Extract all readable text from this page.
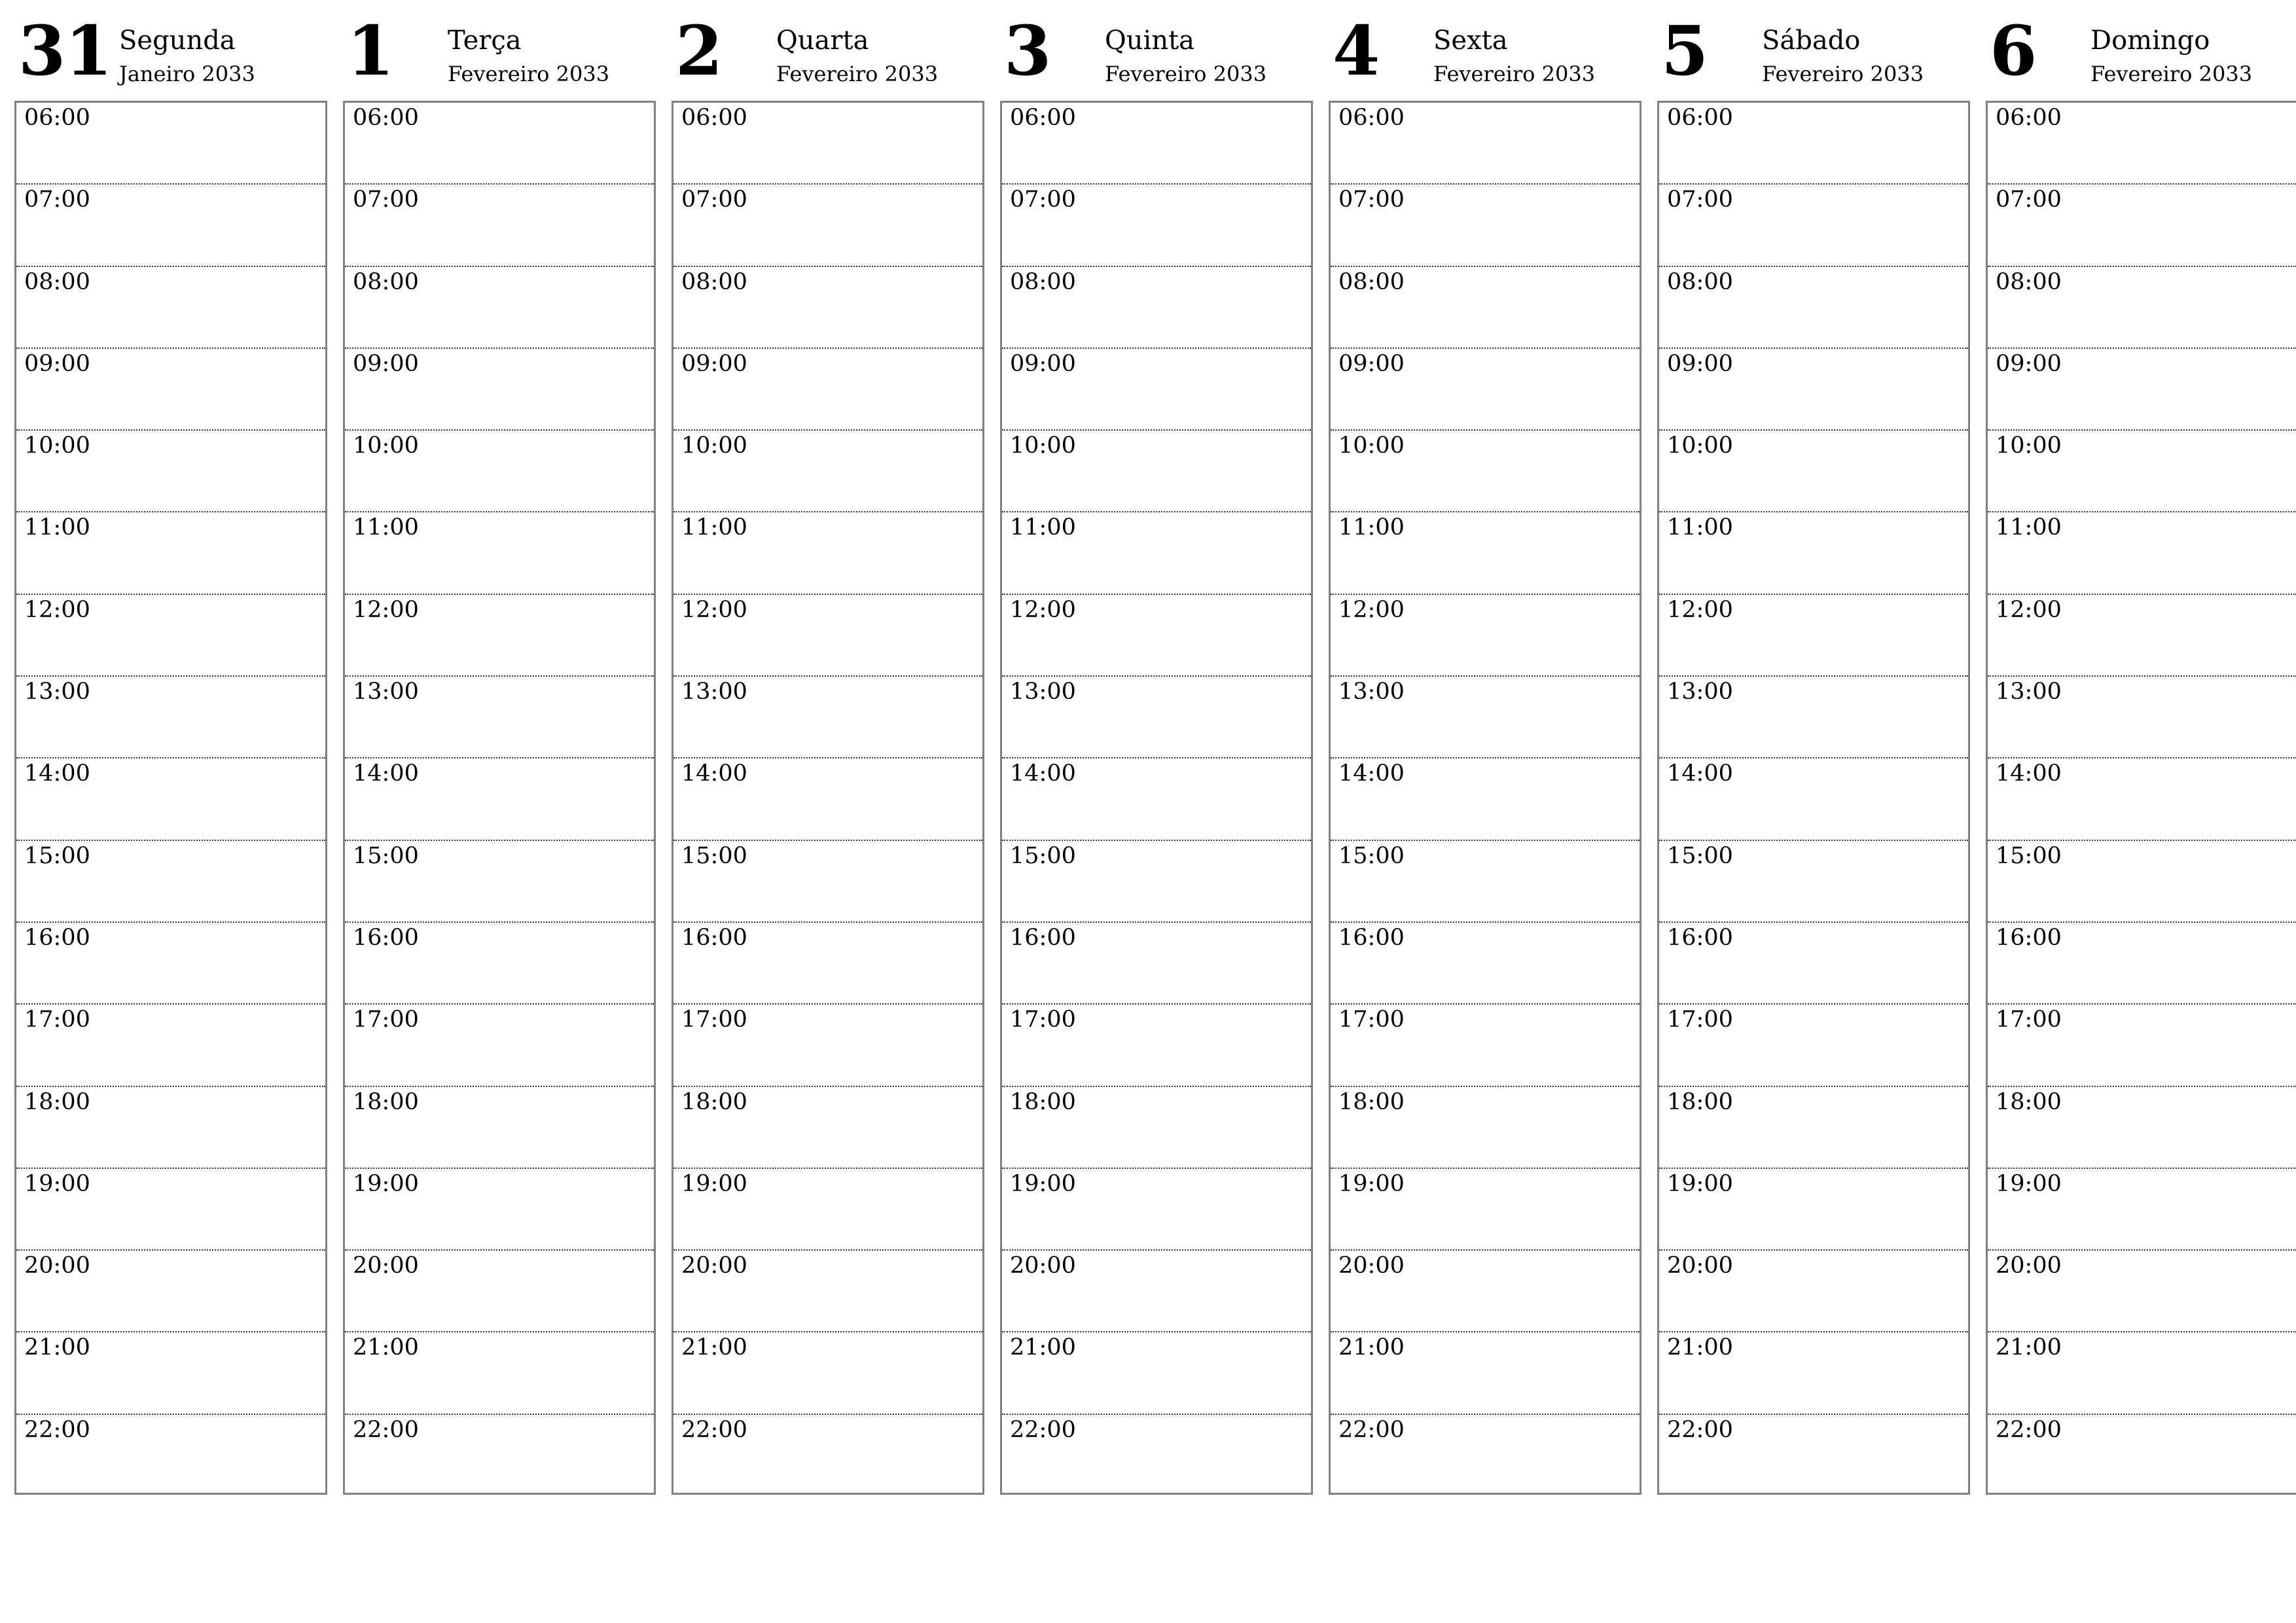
31 Segunda
Janeiro 2033
06:00
07:00
08:00
09:00
10:00
11:00
12:00
13:00
14:00
15:00
16:00
17:00
18:00
19:00
20:00
21:00
22:00
1 Terça
Fevereiro 2033
06:00
07:00
08:00
09:00
10:00
11:00
12:00
13:00
14:00
15:00
16:00
17:00
18:00
19:00
20:00
21:00
22:00
2 Quarta
Fevereiro 2033
06:00
07:00
08:00
09:00
10:00
11:00
12:00
13:00
14:00
15:00
16:00
17:00
18:00
19:00
20:00
21:00
22:00
3 Quinta
Fevereiro 2033
06:00
07:00
08:00
09:00
10:00
11:00
12:00
13:00
14:00
15:00
16:00
17:00
18:00
19:00
20:00
21:00
22:00
4 Sexta
Fevereiro 2033
06:00
07:00
08:00
09:00
10:00
11:00
12:00
13:00
14:00
15:00
16:00
17:00
18:00
19:00
20:00
21:00
22:00
5 Sábado
Fevereiro 2033
06:00
07:00
08:00
09:00
10:00
11:00
12:00
13:00
14:00
15:00
16:00
17:00
18:00
19:00
20:00
21:00
22:00
6 Domingo
Fevereiro 2033
06:00
07:00
08:00
09:00
10:00
11:00
12:00
13:00
14:00
15:00
16:00
17:00
18:00
19:00
20:00
21:00
22:00
